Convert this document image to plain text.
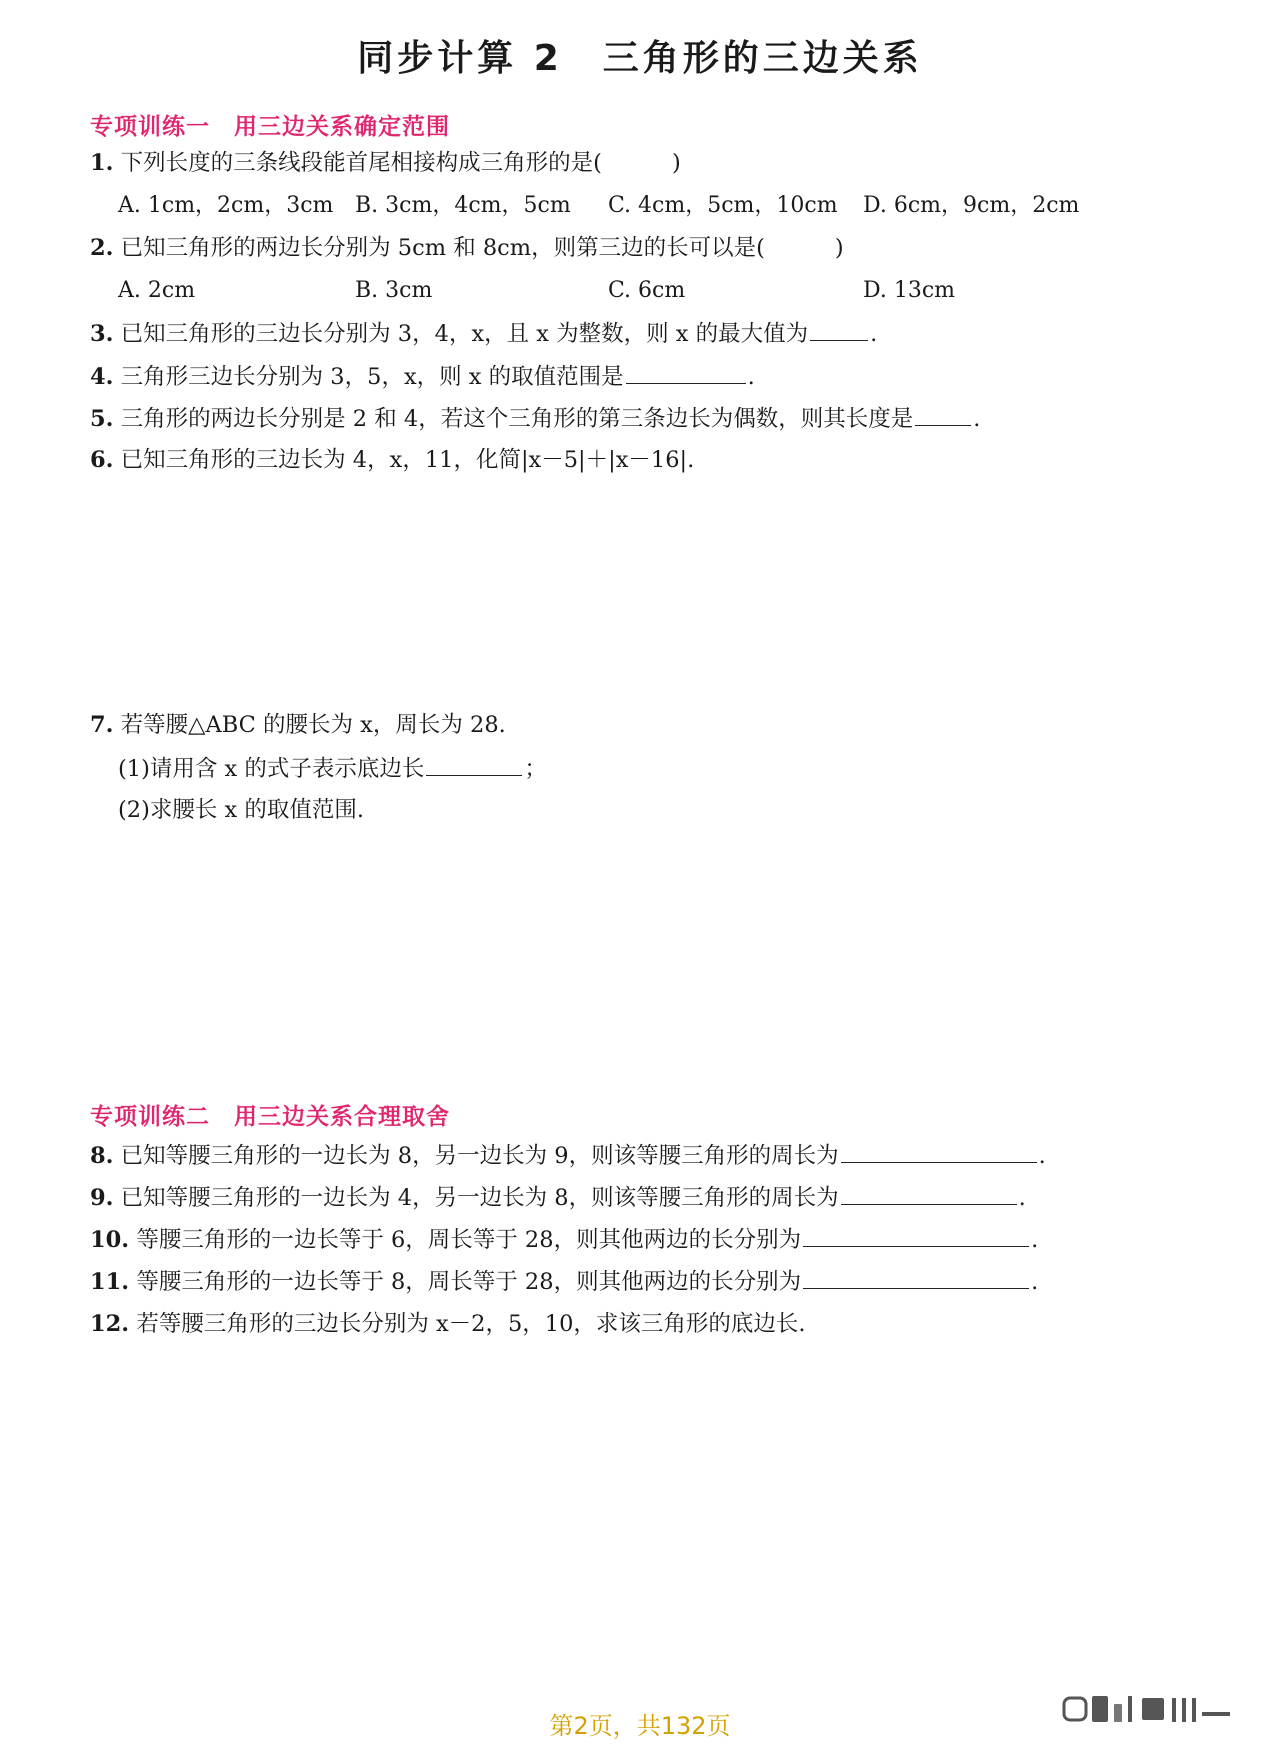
同步计算 2　三角形的三边关系
专项训练一　用三边关系确定范围
1. 下列长度的三条线段能首尾相接构成三角形的是(	)
A. 1cm，2cm，3cm B. 3cm，4cm，5cm C. 4cm，5cm，10cm D. 6cm，9cm，2cm
2. 已知三角形的两边长分别为 5cm 和 8cm，则第三边的长可以是(	)
A. 2cm	B. 3cm	C. 6cm	D. 13cm
3. 已知三角形的三边长分别为 3，4，x，且 x 为整数，则 x 的最大值为	.
4. 三角形三边长分别为 3，5，x，则 x 的取值范围是	.
5. 三角形的两边长分别是 2 和 4，若这个三角形的第三条边长为偶数，则其长度是	.
6. 已知三角形的三边长为 4，x，11，化简|x－5|＋|x－16|.
7. 若等腰△ABC 的腰长为 x，周长为 28.
(1)请用含 x 的式子表示底边长	；
(2)求腰长 x 的取值范围.
专项训练二　用三边关系合理取舍
8. 已知等腰三角形的一边长为 8，另一边长为 9，则该等腰三角形的周长为	.
9. 已知等腰三角形的一边长为 4，另一边长为 8，则该等腰三角形的周长为	.
10. 等腰三角形的一边长等于 6，周长等于 28，则其他两边的长分别为	.
11. 等腰三角形的一边长等于 8，周长等于 28，则其他两边的长分别为	.
12. 若等腰三角形的三边长分别为 x－2，5，10，求该三角形的底边长.
第2页，共132页
